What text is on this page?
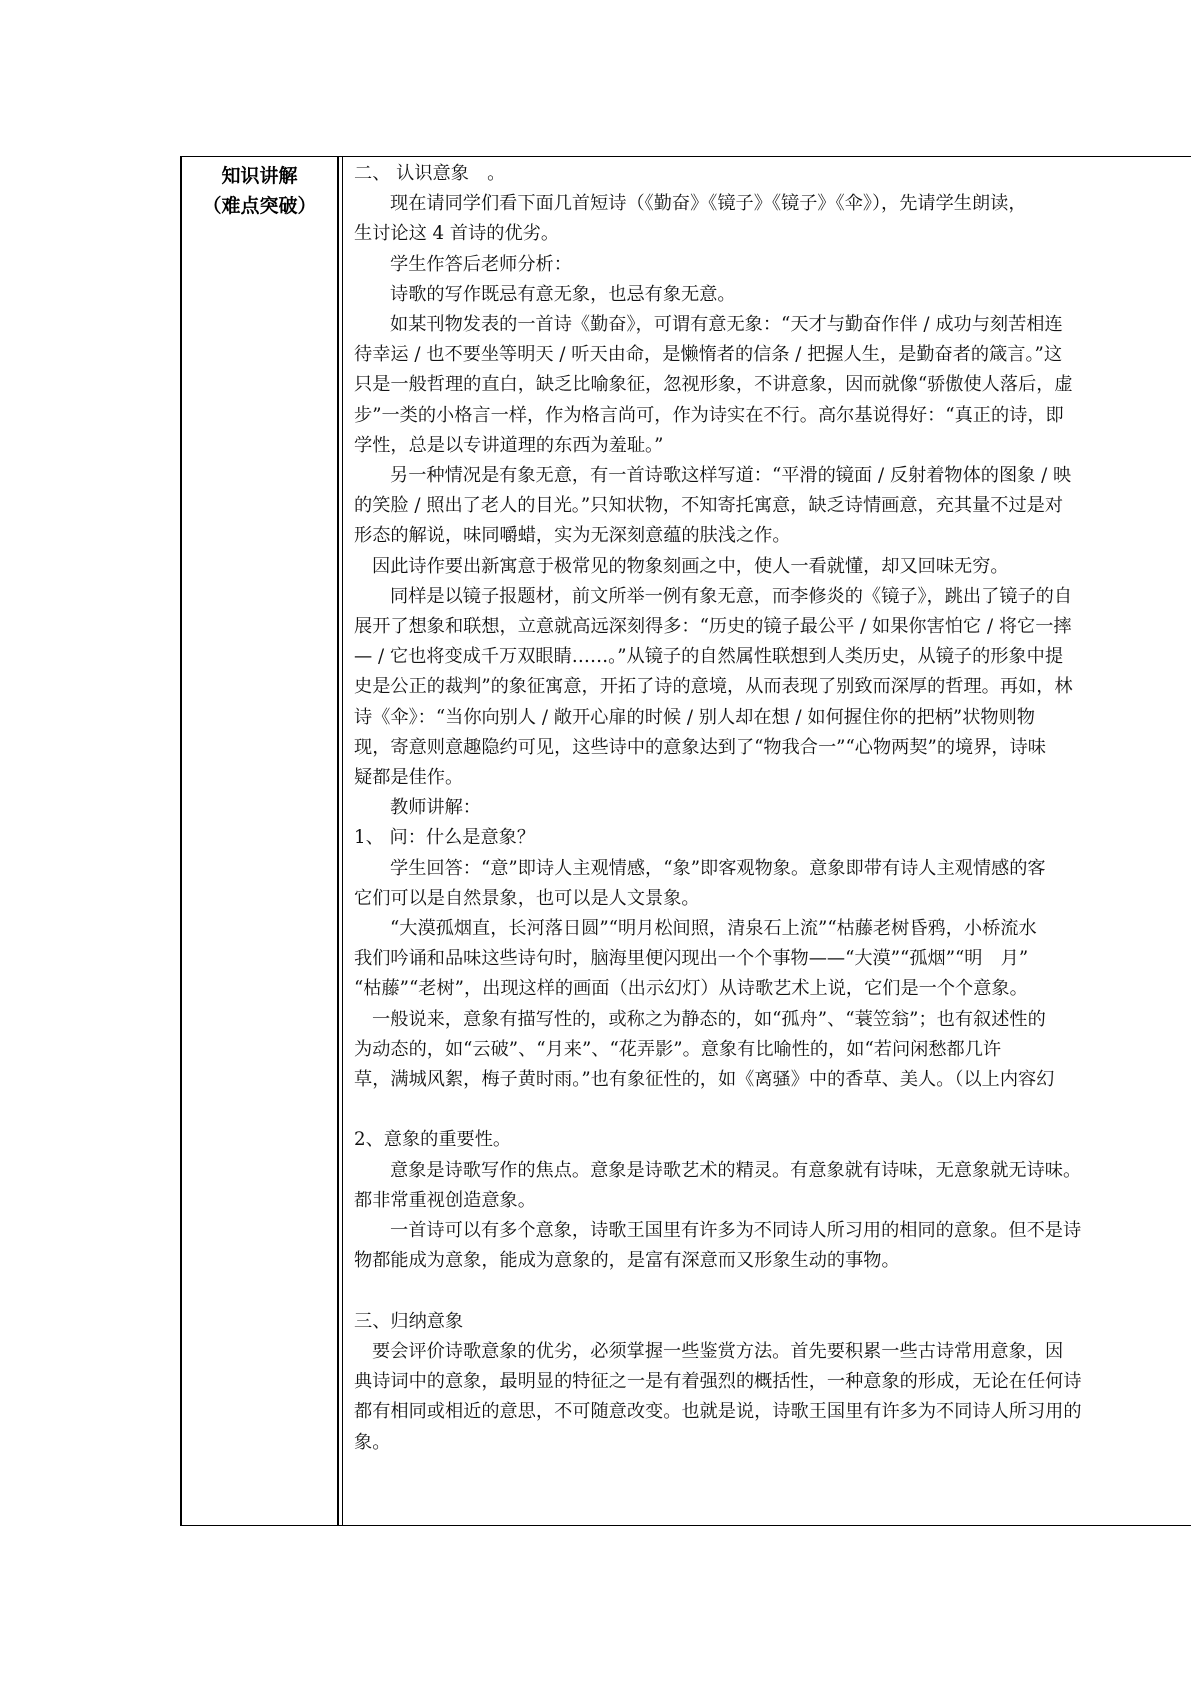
知识讲解
（难点突破）

二、 认识意象　。

现在请同学们看下面几首短诗（《勤奋》《镜子》《镜子》《伞》），先请学生朗读，

生讨论这 4 首诗的优劣。

学生作答后老师分析：

诗歌的写作既忌有意无象，也忌有象无意。

如某刊物发表的一首诗《勤奋》，可谓有意无象：“天才与勤奋作伴 / 成功与刻苦相连

待幸运 / 也不要坐等明天 / 听天由命，是懒惰者的信条 / 把握人生，是勤奋者的箴言。”这

只是一般哲理的直白，缺乏比喻象征，忽视形象，不讲意象，因而就像“骄傲使人落后，虚

步”一类的小格言一样，作为格言尚可，作为诗实在不行。高尔基说得好：“真正的诗，即

学性，总是以专讲道理的东西为羞耻。”

另一种情况是有象无意，有一首诗歌这样写道：“平滑的镜面 / 反射着物体的图象 / 映

的笑脸 / 照出了老人的目光。”只知状物，不知寄托寓意，缺乏诗情画意，充其量不过是对

形态的解说，味同嚼蜡，实为无深刻意蕴的肤浅之作。

因此诗作要出新寓意于极常见的物象刻画之中，使人一看就懂，却又回味无穷。

同样是以镜子报题材，前文所举一例有象无意，而李修炎的《镜子》，跳出了镜子的自

展开了想象和联想，立意就高远深刻得多：“历史的镜子最公平 / 如果你害怕它 / 将它一摔

— / 它也将变成千万双眼睛……。”从镜子的自然属性联想到人类历史，从镜子的形象中提

史是公正的裁判”的象征寓意，开拓了诗的意境，从而表现了别致而深厚的哲理。再如，林

诗《伞》：“当你向别人 / 敞开心扉的时候 / 别人却在想 / 如何握住你的把柄”状物则物

现，寄意则意趣隐约可见，这些诗中的意象达到了“物我合一”“心物两契”的境界，诗味

疑都是佳作。

教师讲解：

1、 问：什么是意象？

学生回答：“意”即诗人主观情感，“象”即客观物象。意象即带有诗人主观情感的客

它们可以是自然景象，也可以是人文景象。

“大漠孤烟直，长河落日圆”“明月松间照，清泉石上流”“枯藤老树昏鸦，小桥流水

我们吟诵和品味这些诗句时，脑海里便闪现出一个个事物——“大漠”“孤烟”“明　月”

“枯藤”“老树”，出现这样的画面（出示幻灯）从诗歌艺术上说，它们是一个个意象。

一般说来，意象有描写性的，或称之为静态的，如“孤舟”、“蓑笠翁”；也有叙述性的

为动态的，如“云破”、“月来”、“花弄影”。意象有比喻性的，如“若问闲愁都几许

草，满城风絮，梅子黄时雨。”也有象征性的，如《离骚》中的香草、美人。（以上内容幻

2、意象的重要性。

意象是诗歌写作的焦点。意象是诗歌艺术的精灵。有意象就有诗味，无意象就无诗味。

都非常重视创造意象。

一首诗可以有多个意象，诗歌王国里有许多为不同诗人所习用的相同的意象。但不是诗

物都能成为意象，能成为意象的，是富有深意而又形象生动的事物。

三、归纳意象

要会评价诗歌意象的优劣，必须掌握一些鉴赏方法。首先要积累一些古诗常用意象，因

典诗词中的意象，最明显的特征之一是有着强烈的概括性，一种意象的形成，无论在任何诗

都有相同或相近的意思，不可随意改变。也就是说，诗歌王国里有许多为不同诗人所习用的

象。
